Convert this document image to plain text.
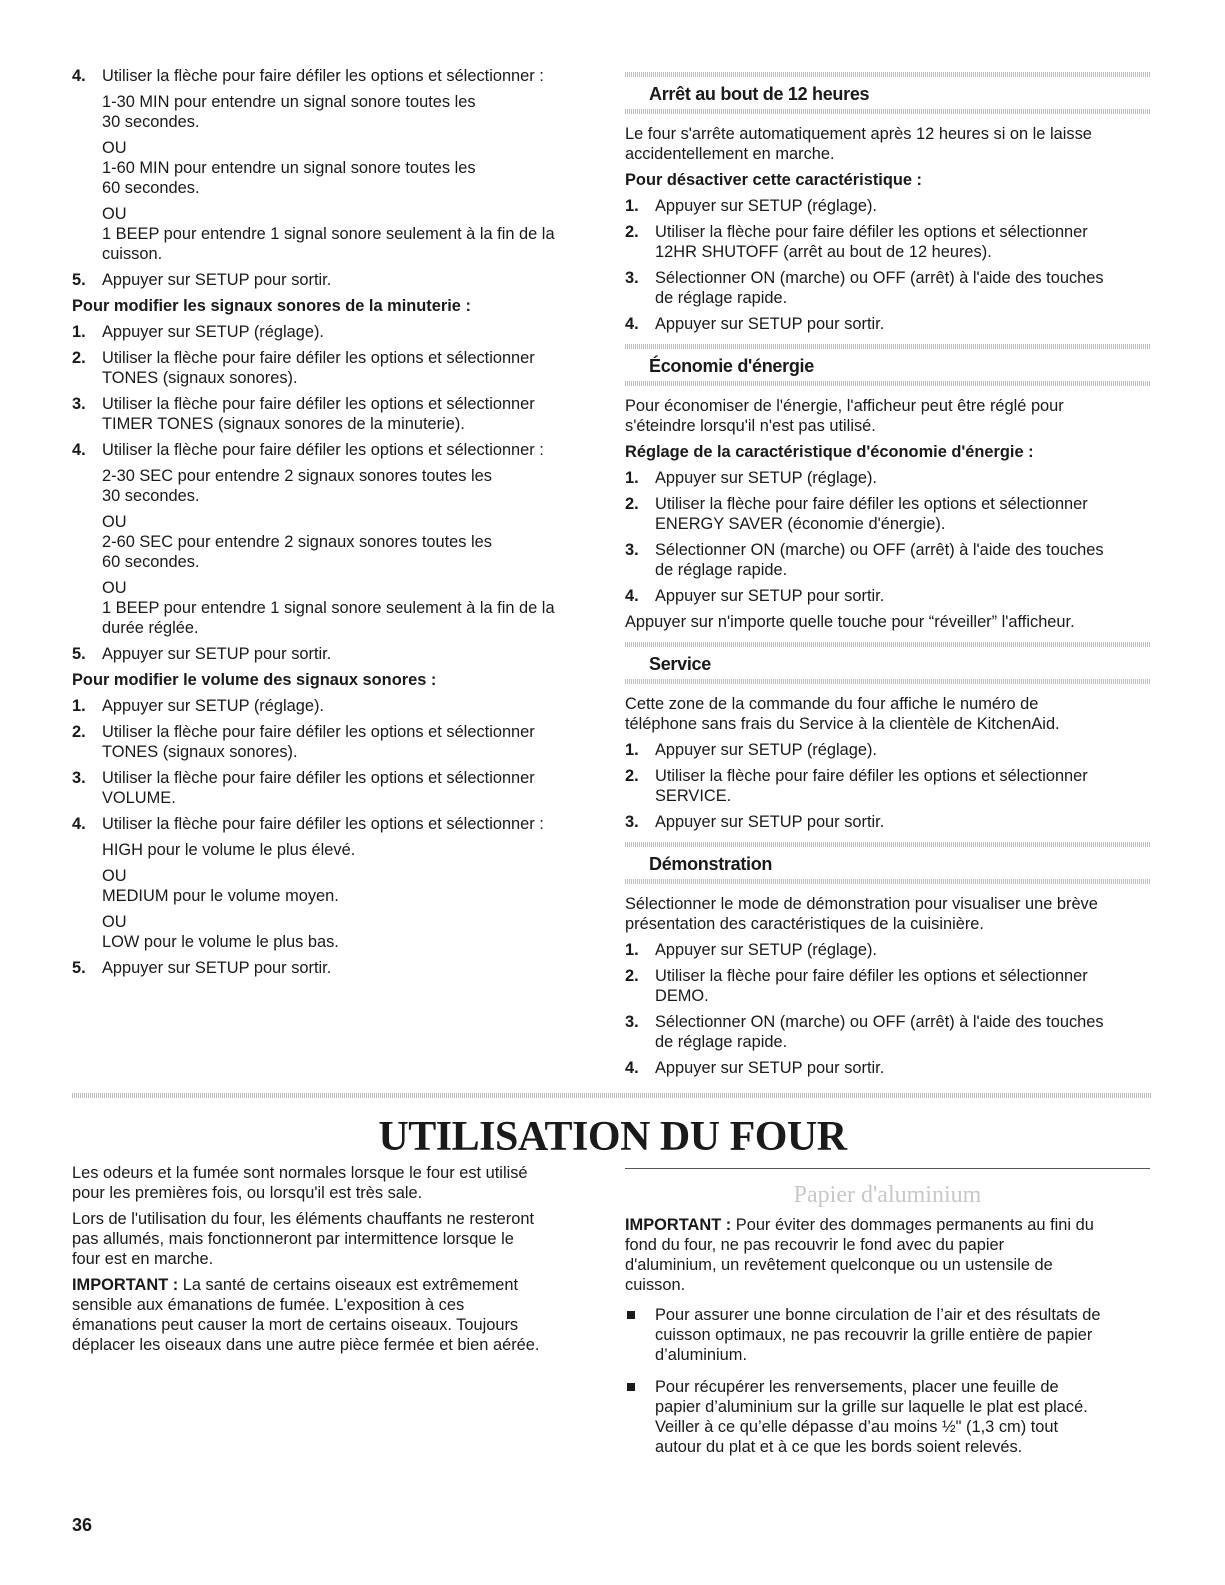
4. Utiliser la flèche pour faire défiler les options et sélectionner :
1-30 MIN pour entendre un signal sonore toutes les
30 secondes.
OU
1-60 MIN pour entendre un signal sonore toutes les
60 secondes.
OU
1 BEEP pour entendre 1 signal sonore seulement à la fin de la
cuisson.
5. Appuyer sur SETUP pour sortir.
Pour modifier les signaux sonores de la minuterie :
1. Appuyer sur SETUP (réglage).
2. Utiliser la flèche pour faire défiler les options et sélectionner
TONES (signaux sonores).
3. Utiliser la flèche pour faire défiler les options et sélectionner
TIMER TONES (signaux sonores de la minuterie).
4. Utiliser la flèche pour faire défiler les options et sélectionner :
2-30 SEC pour entendre 2 signaux sonores toutes les
30 secondes.
OU
2-60 SEC pour entendre 2 signaux sonores toutes les
60 secondes.
OU
1 BEEP pour entendre 1 signal sonore seulement à la fin de la
durée réglée.
5. Appuyer sur SETUP pour sortir.
Pour modifier le volume des signaux sonores :
1. Appuyer sur SETUP (réglage).
2. Utiliser la flèche pour faire défiler les options et sélectionner
TONES (signaux sonores).
3. Utiliser la flèche pour faire défiler les options et sélectionner
VOLUME.
4. Utiliser la flèche pour faire défiler les options et sélectionner :
HIGH pour le volume le plus élevé.
OU
MEDIUM pour le volume moyen.
OU
LOW pour le volume le plus bas.
5. Appuyer sur SETUP pour sortir.
Arrêt au bout de 12 heures
Le four s'arrête automatiquement après 12 heures si on le laisse
accidentellement en marche.
Pour désactiver cette caractéristique :
1. Appuyer sur SETUP (réglage).
2. Utiliser la flèche pour faire défiler les options et sélectionner
12HR SHUTOFF (arrêt au bout de 12 heures).
3. Sélectionner ON (marche) ou OFF (arrêt) à l'aide des touches
de réglage rapide.
4. Appuyer sur SETUP pour sortir.
Économie d'énergie
Pour économiser de l'énergie, l'afficheur peut être réglé pour
s'éteindre lorsqu'il n'est pas utilisé.
Réglage de la caractéristique d'économie d'énergie :
1. Appuyer sur SETUP (réglage).
2. Utiliser la flèche pour faire défiler les options et sélectionner
ENERGY SAVER (économie d'énergie).
3. Sélectionner ON (marche) ou OFF (arrêt) à l'aide des touches
de réglage rapide.
4. Appuyer sur SETUP pour sortir.
Appuyer sur n'importe quelle touche pour “réveiller” l'afficheur.
Service
Cette zone de la commande du four affiche le numéro de
téléphone sans frais du Service à la clientèle de KitchenAid.
1. Appuyer sur SETUP (réglage).
2. Utiliser la flèche pour faire défiler les options et sélectionner
SERVICE.
3. Appuyer sur SETUP pour sortir.
Démonstration
Sélectionner le mode de démonstration pour visualiser une brève
présentation des caractéristiques de la cuisinière.
1. Appuyer sur SETUP (réglage).
2. Utiliser la flèche pour faire défiler les options et sélectionner
DEMO.
3. Sélectionner ON (marche) ou OFF (arrêt) à l'aide des touches
de réglage rapide.
4. Appuyer sur SETUP pour sortir.
UTILISATION DU FOUR
Les odeurs et la fumée sont normales lorsque le four est utilisé
pour les premières fois, ou lorsqu'il est très sale.
Lors de l'utilisation du four, les éléments chauffants ne resteront
pas allumés, mais fonctionneront par intermittence lorsque le
four est en marche.
IMPORTANT : La santé de certains oiseaux est extrêmement
sensible aux émanations de fumée. L'exposition à ces
émanations peut causer la mort de certains oiseaux. Toujours
déplacer les oiseaux dans une autre pièce fermée et bien aérée.
Papier d'aluminium
IMPORTANT : Pour éviter des dommages permanents au fini du
fond du four, ne pas recouvrir le fond avec du papier
d'aluminium, un revêtement quelconque ou un ustensile de
cuisson.
Pour assurer une bonne circulation de l’air et des résultats de
cuisson optimaux, ne pas recouvrir la grille entière de papier
d’aluminium.
Pour récupérer les renversements, placer une feuille de
papier d’aluminium sur la grille sur laquelle le plat est placé.
Veiller à ce qu’elle dépasse d’au moins ½" (1,3 cm) tout
autour du plat et à ce que les bords soient relevés.
36
